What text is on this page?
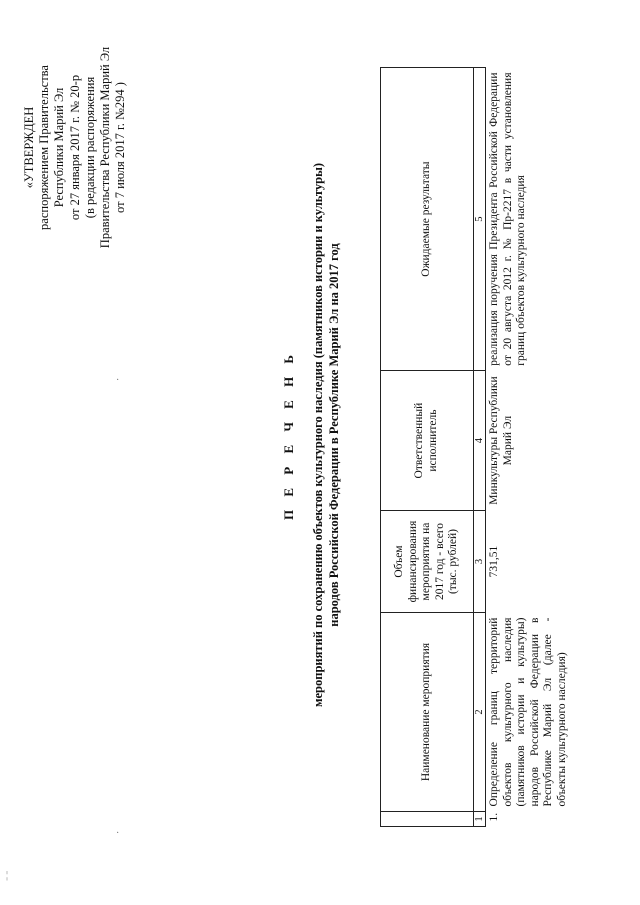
«УТВЕРЖДЕН распоряжением Правительства Республики Марий Эл от 27 января 2017 г. № 20-р (в редакции распоряжения Правительства Республики Марий Эл от 7 июля 2017 г. №294 )
П Е Р Е Ч Е Н Ь мероприятий по сохранению объектов культурного наследия (памятников истории и культуры) народов Российской Федерации в Республике Марий Эл на 2017 год
	Наименование мероприятия	Объем финансирования мероприятия на 2017 год - всего (тыс. рублей)	Ответственный исполнитель	Ожидаемые результаты
1	2	3	4	5
1.	Определение границ территорий объектов культурного наследия (памятников истории и культуры) народов Российской Федерации в Республике Марий Эл (далее - объекты культурного наследия)	731,51	Минкультуры Республики Марий Эл	реализация поручения Президента Российской Федерации от 20 августа 2012 г. № Пр-2217 в части установления границ объектов культурного наследия
·
·
¦
